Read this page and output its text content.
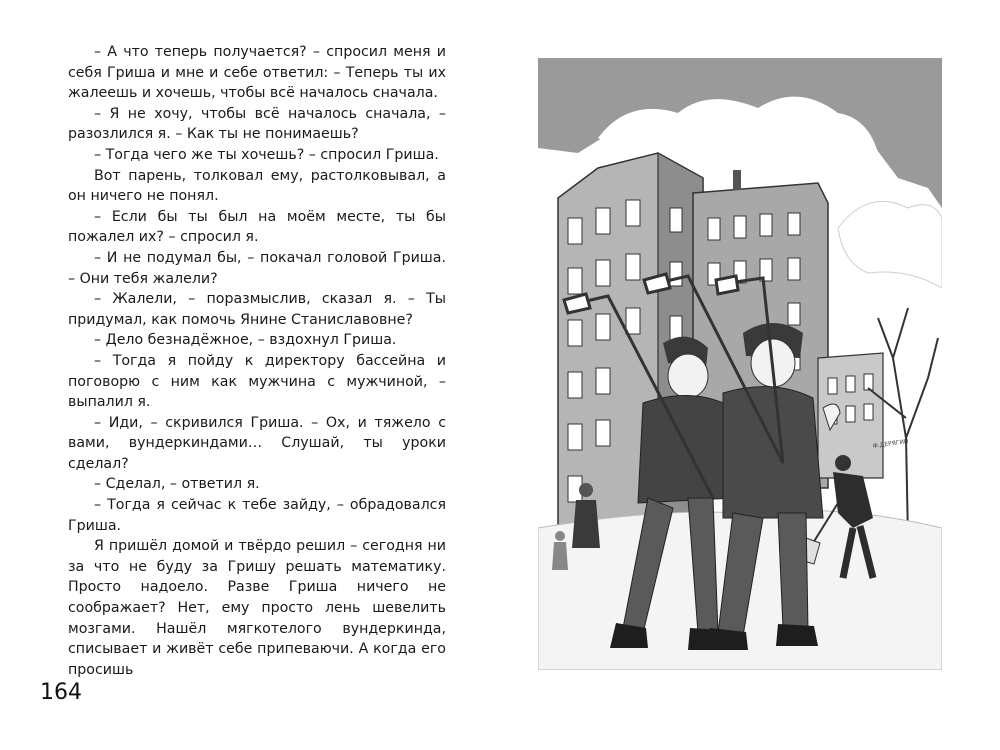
– А что теперь получается? – спросил меня и себя Гриша и мне и себе ответил: – Теперь ты их жалеешь и хочешь, чтобы всё началось сначала.

– Я не хочу, чтобы всё началось сначала, – разозлился я. – Как ты не понимаешь?

– Тогда чего же ты хочешь? – спросил Гриша.

Вот парень, толковал ему, растолковывал, а он ничего не понял.

– Если бы ты был на моём месте, ты бы пожалел их? – спросил я.

– И не подумал бы, – покачал головой Гриша. – Они тебя жалели?

– Жалели, – поразмыслив, сказал я. – Ты придумал, как помочь Янине Станиславовне?

– Дело безнадёжное, – вздохнул Гриша.

– Тогда я пойду к директору бассейна и поговорю с ним как мужчина с мужчиной, – выпалил я.

– Иди, – скривился Гриша. – Ох, и тяжело с вами, вундеркиндами… Слушай, ты уроки сделал?

– Сделал, – ответил я.

– Тогда я сейчас к тебе зайду, – обрадовался Гриша.

Я пришёл домой и твёрдо решил – сегодня ни за что не буду за Гришу решать математику. Просто надоело. Разве Гриша ничего не соображает? Нет, ему просто лень шевелить мозгами. Нашёл мягкотелого вундеркинда, списывает и живёт себе припеваючи. А когда его просишь

164
Ф.ДЕРЯГИН
